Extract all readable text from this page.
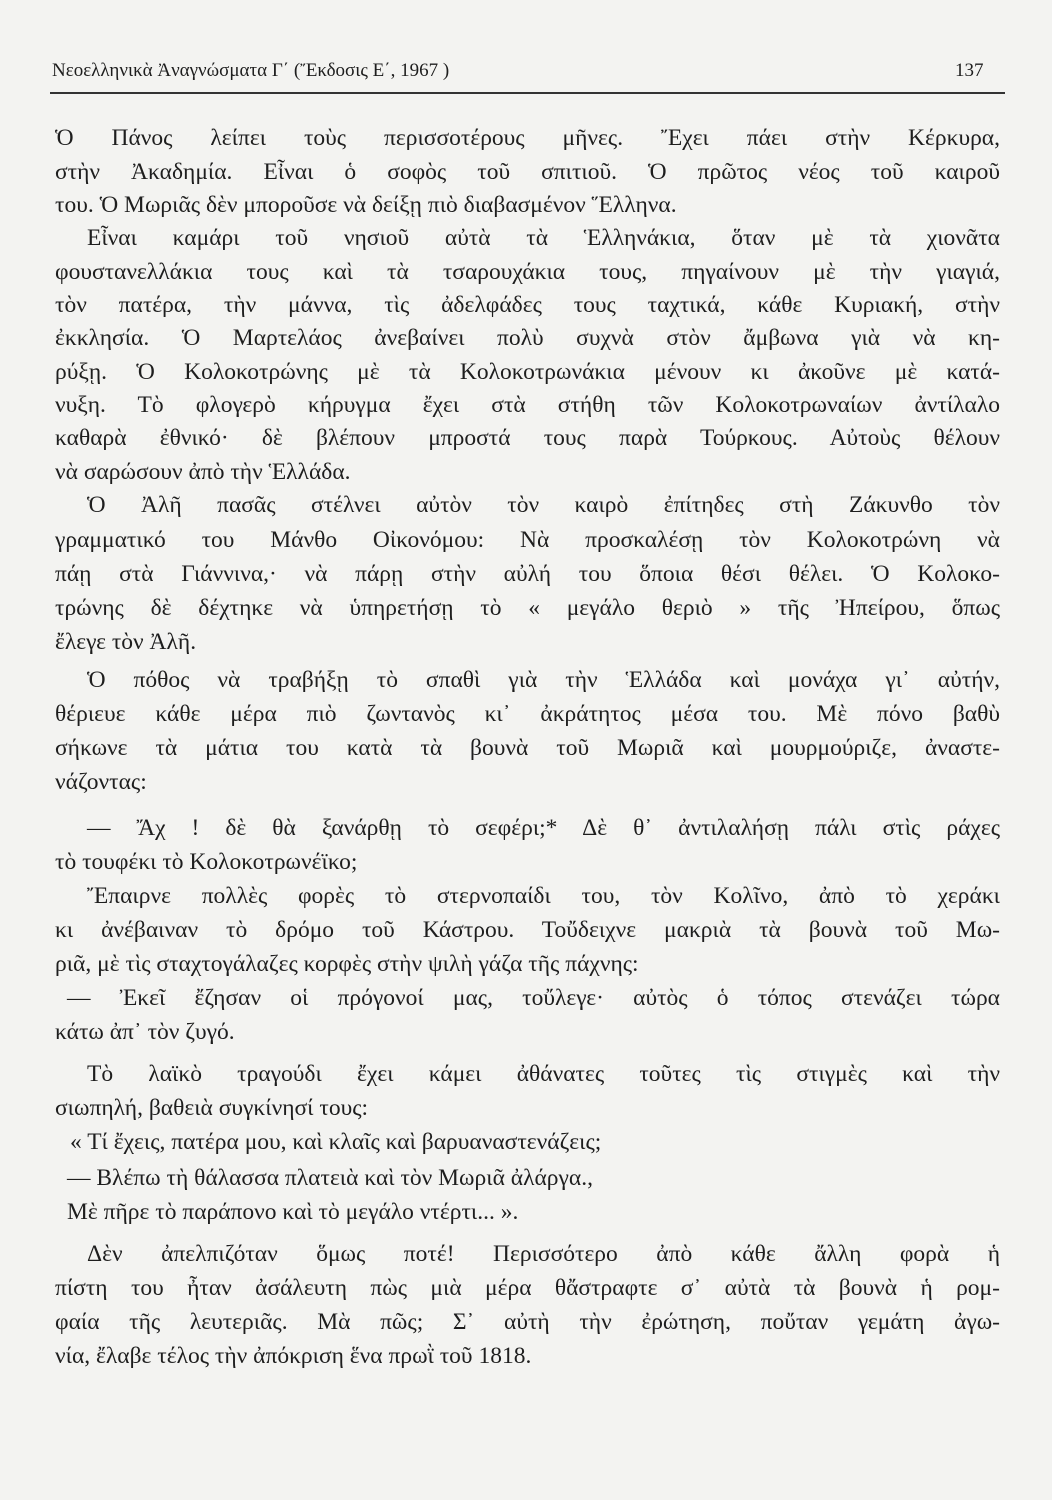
Νεοελληνικὰ Ἀναγνώσματα Γ΄ (Ἔκδοσις Ε΄, 1967 )	137
Ὁ Πάνος λείπει τοὺς περισσοτέρους μῆνες. Ἔχει πάει στὴν Κέρκυρα,
στὴν Ἀκαδημία. Εἶναι ὁ σοφὸς τοῦ σπιτιοῦ. Ὁ πρῶτος νέος τοῦ καιροῦ
του. Ὁ Μωριᾶς δὲν μποροῦσε νὰ δείξῃ πιὸ διαβασμένον Ἕλληνα.
Εἶναι καμάρι τοῦ νησιοῦ αὐτὰ τὰ Ἑλληνάκια, ὅταν μὲ τὰ χιονᾶτα
φουστανελλάκια τους καὶ τὰ τσαρουχάκια τους, πηγαίνουν μὲ τὴν γιαγιά,
τὸν πατέρα, τὴν μάννα, τὶς ἀδελφάδες τους ταχτικά, κάθε Κυριακή, στὴν
ἐκκλησία. Ὁ Μαρτελάος ἀνεβαίνει πολὺ συχνὰ στὸν ἄμβωνα γιὰ νὰ κη-
ρύξῃ. Ὁ Κολοκοτρώνης μὲ τὰ Κολοκοτρωνάκια μένουν κι ἀκοῦνε μὲ κατά-
νυξη. Τὸ φλογερὸ κήρυγμα ἔχει στὰ στήθη τῶν Κολοκοτρωναίων ἀντίλαλο
καθαρὰ ἐθνικό· δὲ βλέπουν μπροστά τους παρὰ Τούρκους. Αὐτοὺς θέλουν
νὰ σαρώσουν ἀπὸ τὴν Ἑλλάδα.
Ὁ Ἀλῆ πασᾶς στέλνει αὐτὸν τὸν καιρὸ ἐπίτηδες στὴ Ζάκυνθο τὸν
γραμματικό του Μάνθο Οἰκονόμου: Νὰ προσκαλέσῃ τὸν Κολοκοτρώνη νὰ
πάῃ στὰ Γιάννινα,· νὰ πάρῃ στὴν αὐλή του ὅποια θέσι θέλει. Ὁ Κολοκο-
τρώνης δὲ δέχτηκε νὰ ὑπηρετήσῃ τὸ « μεγάλο θεριὸ » τῆς Ἠπείρου, ὅπως
ἔλεγε τὸν Ἀλῆ.
Ὁ πόθος νὰ τραβήξῃ τὸ σπαθὶ γιὰ τὴν Ἑλλάδα καὶ μονάχα γι᾿ αὐτήν,
θέριευε κάθε μέρα πιὸ ζωντανὸς κι᾿ ἀκράτητος μέσα του. Μὲ πόνο βαθὺ
σήκωνε τὰ μάτια του κατὰ τὰ βουνὰ τοῦ Μωριᾶ καὶ μουρμούριζε, ἀναστε-
νάζοντας:
— Ἄχ ! δὲ θὰ ξανάρθῃ τὸ σεφέρι;* Δὲ θ᾿ ἀντιλαλήσῃ πάλι στὶς ράχες
τὸ τουφέκι τὸ Κολοκοτρωνέϊκο;
Ἔπαιρνε πολλὲς φορὲς τὸ στερνοπαίδι του, τὸν Κολῖνο, ἀπὸ τὸ χεράκι
κι ἀνέβαιναν τὸ δρόμο τοῦ Κάστρου. Τοὔδειχνε μακριὰ τὰ βουνὰ τοῦ Μω-
ριᾶ, μὲ τὶς σταχτογάλαζες κορφὲς στὴν ψιλὴ γάζα τῆς πάχνης:
— Ἐκεῖ ἔζησαν οἱ πρόγονοί μας, τοὔλεγε· αὐτὸς ὁ τόπος στενάζει τώρα
κάτω ἀπ᾿ τὸν ζυγό.
Τὸ λαϊκὸ τραγούδι ἔχει κάμει ἀθάνατες τοῦτες τὶς στιγμὲς καὶ τὴν
σιωπηλή, βαθειὰ συγκίνησί τους:
« Τί ἔχεις, πατέρα μου, καὶ κλαῖς καὶ βαρυαναστενάζεις;
— Βλέπω τὴ θάλασσα πλατειὰ καὶ τὸν Μωριᾶ ἀλάργα.,
Μὲ πῆρε τὸ παράπονο καὶ τὸ μεγάλο ντέρτι... ».
Δὲν ἀπελπιζόταν ὅμως ποτέ! Περισσότερο ἀπὸ κάθε ἄλλη φορὰ ἡ
πίστη του ἦταν ἀσάλευτη πὼς μιὰ μέρα θἄστραφτε σ᾿ αὐτὰ τὰ βουνὰ ἡ ρομ-
φαία τῆς λευτεριᾶς. Μὰ πῶς; Σ᾿ αὐτὴ τὴν ἐρώτηση, ποὔταν γεμάτη ἀγω-
νία, ἔλαβε τέλος τὴν ἀπόκριση ἕνα πρωῒ τοῦ 1818.
